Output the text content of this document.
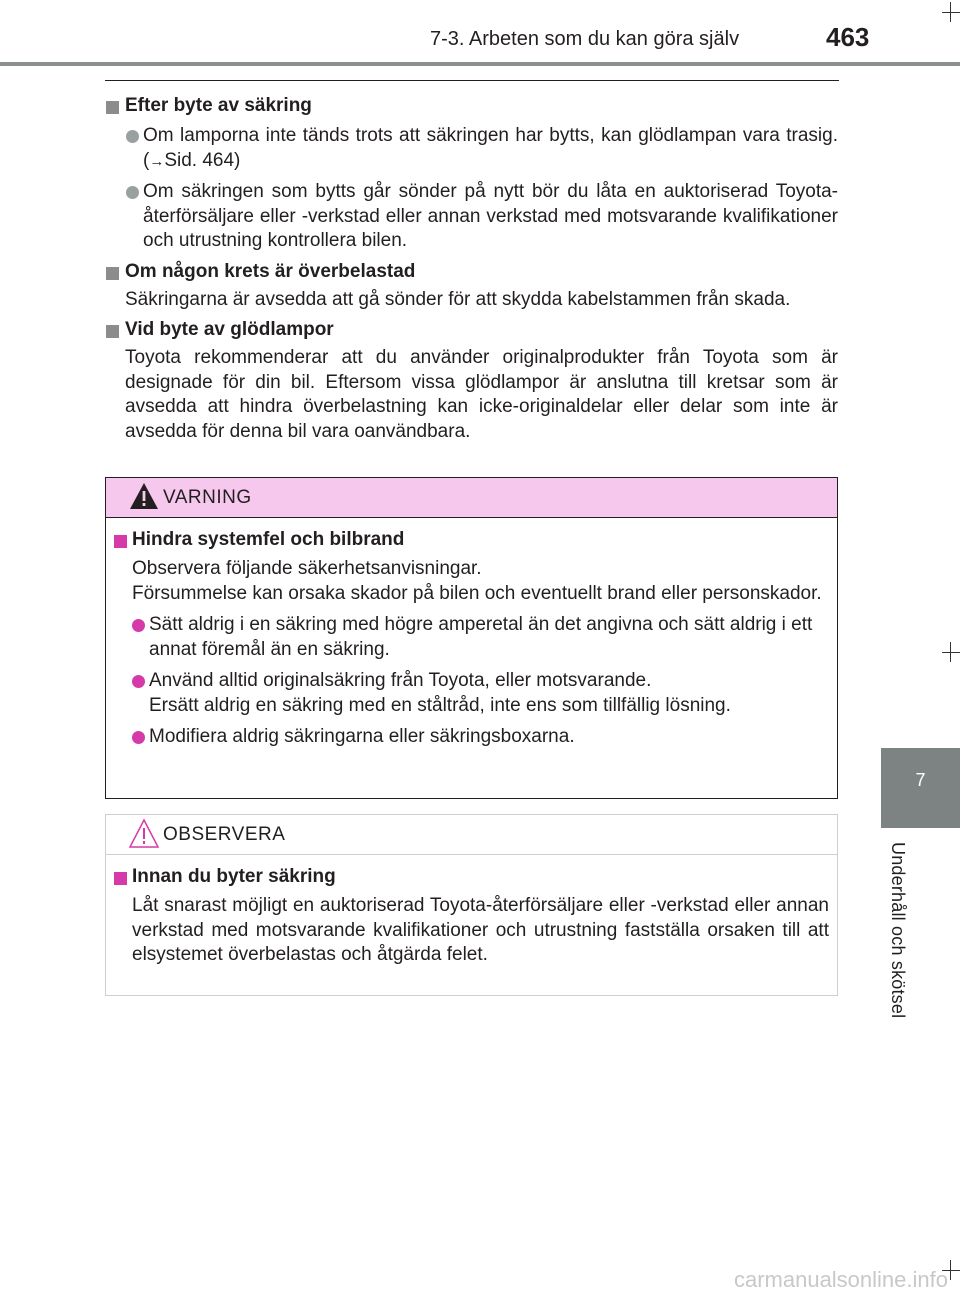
7-3. Arbeten som du kan göra själv	463
7
Underhåll och skötsel
Efter byte av säkring
Om lamporna inte tänds trots att säkringen har bytts, kan glödlampan vara trasig. (→Sid. 464)
Om säkringen som bytts går sönder på nytt bör du låta en auktoriserad Toyota-återförsäljare eller -verkstad eller annan verkstad med motsvarande kvalifikationer och utrustning kontrollera bilen.
Om någon krets är överbelastad
Säkringarna är avsedda att gå sönder för att skydda kabelstammen från skada.
Vid byte av glödlampor
Toyota rekommenderar att du använder originalprodukter från Toyota som är designade för din bil. Eftersom vissa glödlampor är anslutna till kretsar som är avsedda att hindra överbelastning kan icke-originaldelar eller delar som inte är avsedda för denna bil vara oanvändbara.
VARNING
Hindra systemfel och bilbrand
Observera följande säkerhetsanvisningar.
Försummelse kan orsaka skador på bilen och eventuellt brand eller personskador.
Sätt aldrig i en säkring med högre amperetal än det angivna och sätt aldrig i ett annat föremål än en säkring.
Använd alltid originalsäkring från Toyota, eller motsvarande.
Ersätt aldrig en säkring med en ståltråd, inte ens som tillfällig lösning.
Modifiera aldrig säkringarna eller säkringsboxarna.
OBSERVERA
Innan du byter säkring
Låt snarast möjligt en auktoriserad Toyota-återförsäljare eller -verkstad eller annan verkstad med motsvarande kvalifikationer och utrustning fastställa orsaken till att elsystemet överbelastas och åtgärda felet.
carmanualsonline.info
